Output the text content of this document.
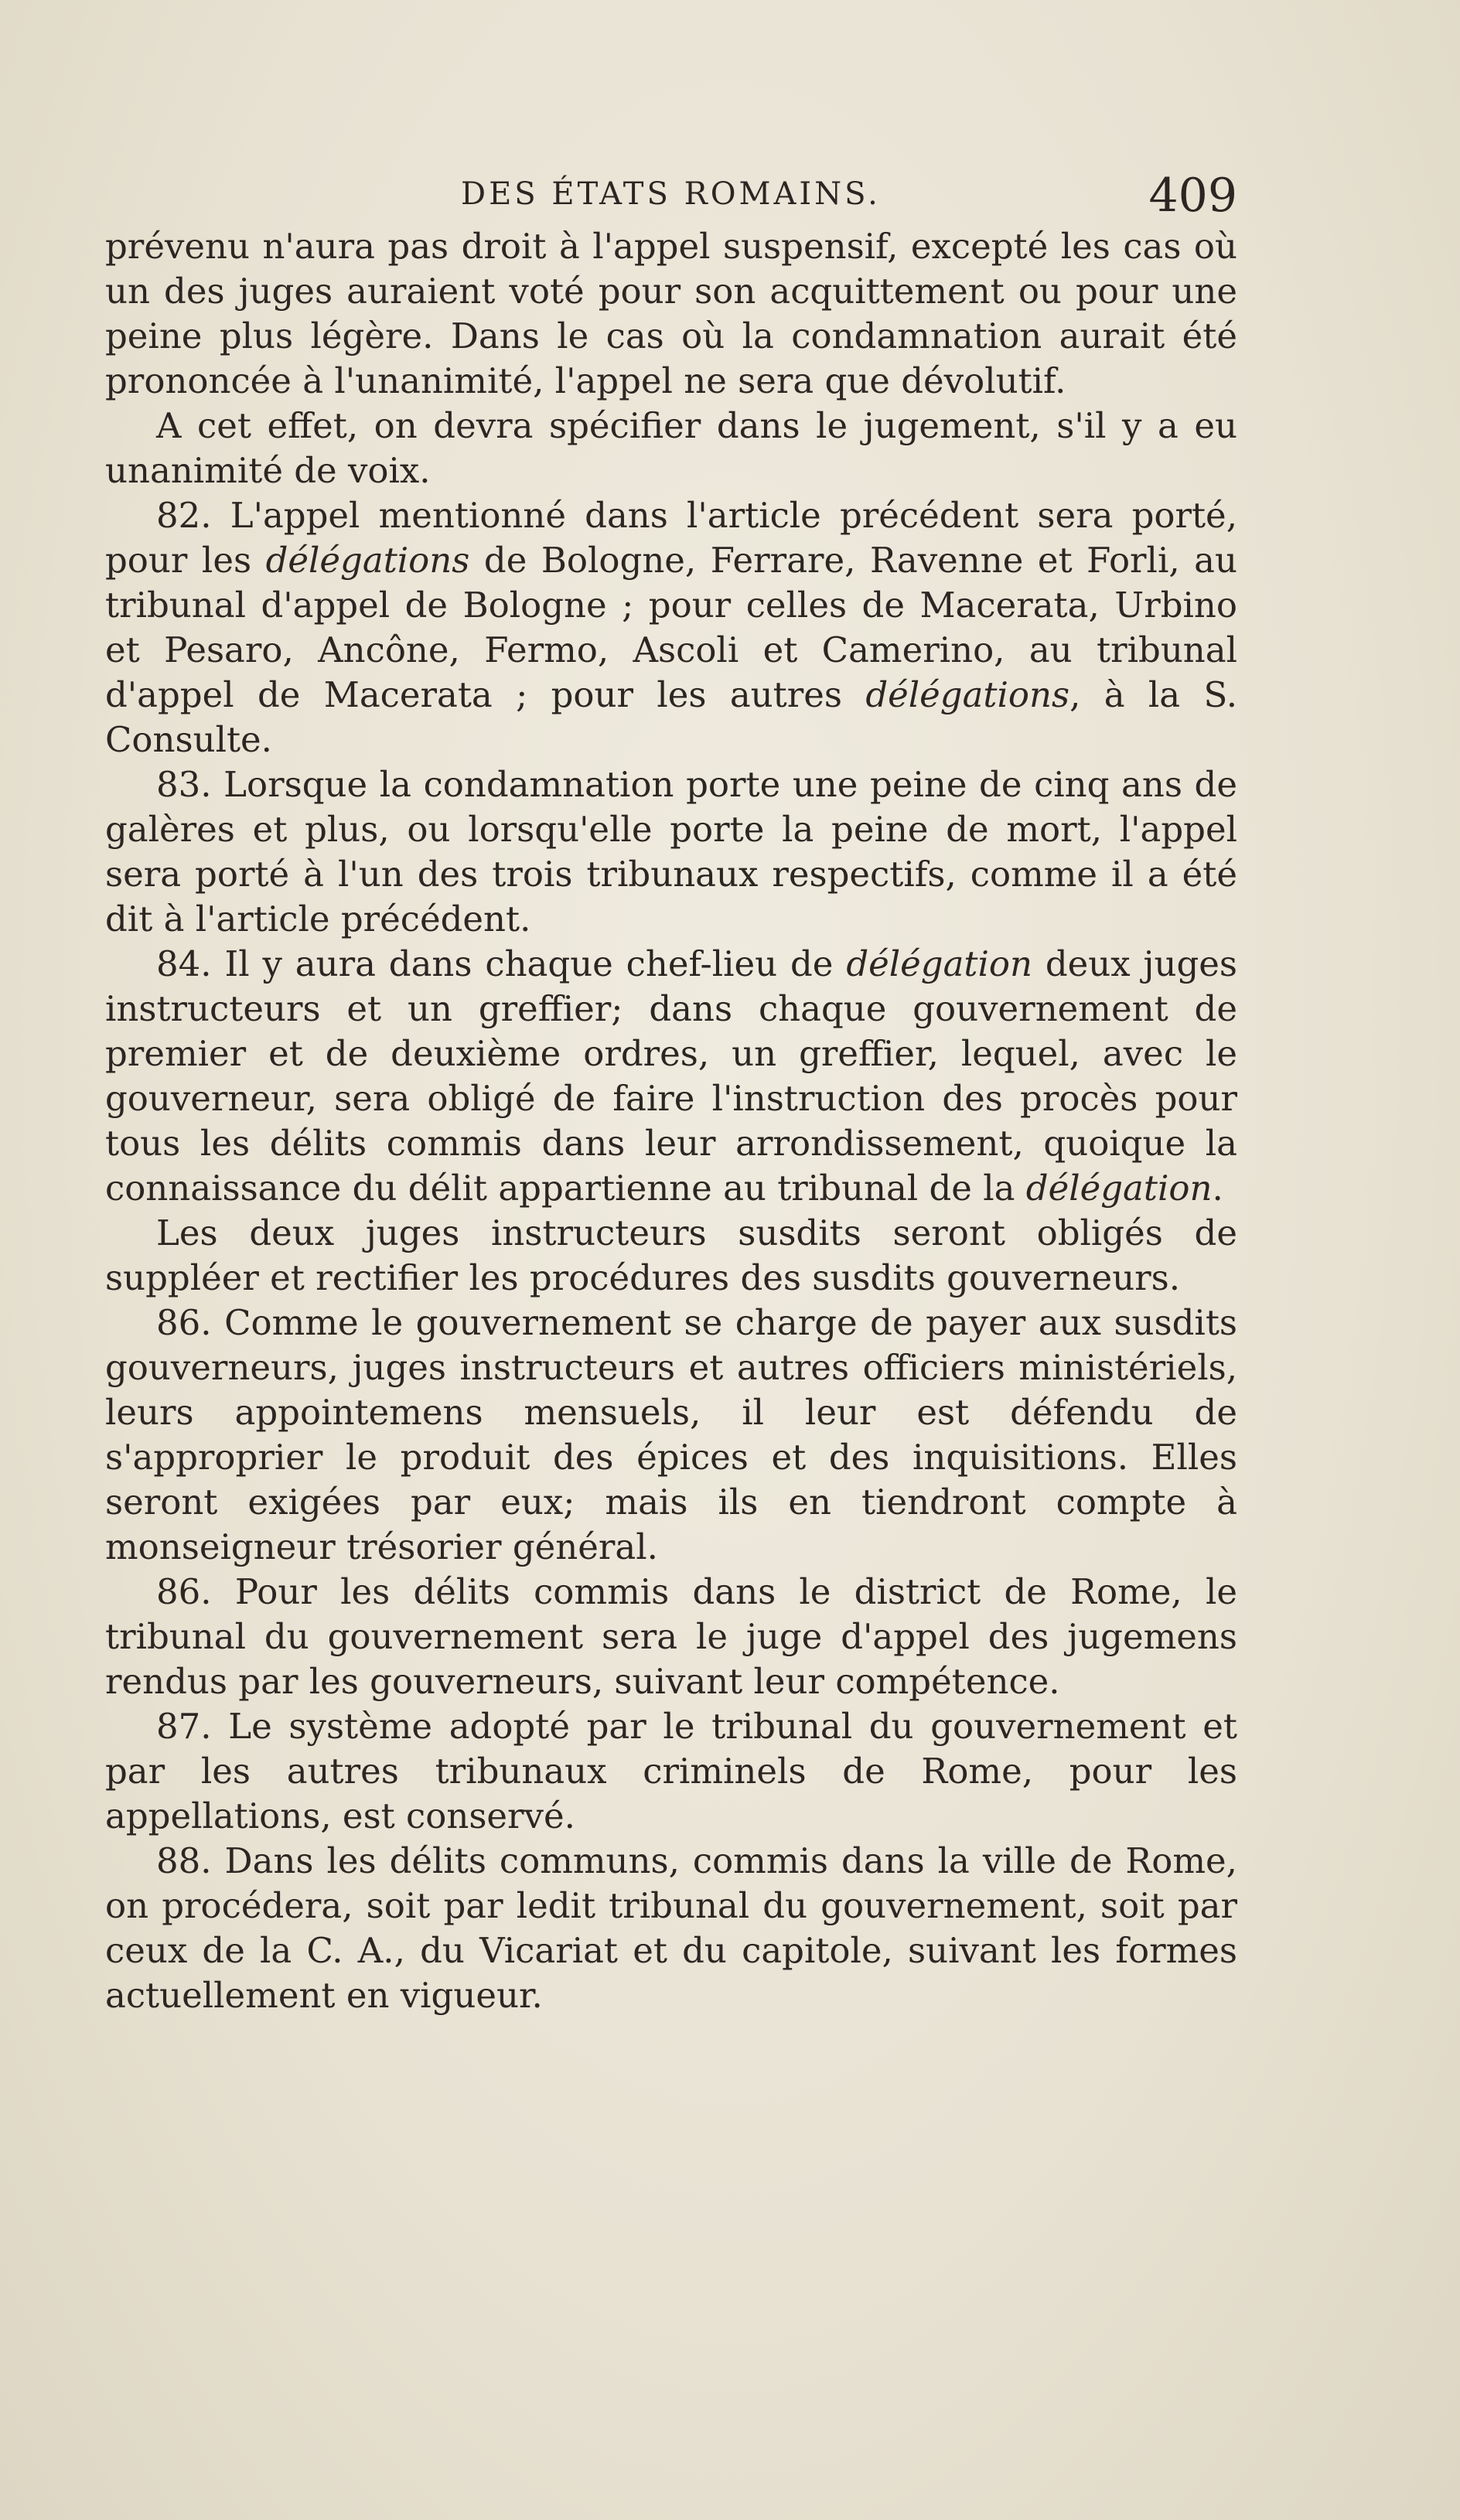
DES ÉTATS ROMAINS.	409

prévenu n'aura pas droit à l'appel suspensif, excepté les cas où un des juges auraient voté pour son acquittement ou pour une peine plus légère. Dans le cas où la condamnation aurait été prononcée à l'unanimité, l'appel ne sera que dévolutif.

A cet effet, on devra spécifier dans le jugement, s'il y a eu unanimité de voix.

82. L'appel mentionné dans l'article précédent sera porté, pour les délégations de Bologne, Ferrare, Ravenne et Forli, au tribunal d'appel de Bologne ; pour celles de Macerata, Urbino et Pesaro, Ancône, Fermo, Ascoli et Camerino, au tribunal d'appel de Macerata ; pour les autres délégations, à la S. Consulte.

83. Lorsque la condamnation porte une peine de cinq ans de galères et plus, ou lorsqu'elle porte la peine de mort, l'appel sera porté à l'un des trois tribunaux respectifs, comme il a été dit à l'article précédent.

84. Il y aura dans chaque chef-lieu de délégation deux juges instructeurs et un greffier; dans chaque gouvernement de premier et de deuxième ordres, un greffier, lequel, avec le gouverneur, sera obligé de faire l'instruction des procès pour tous les délits commis dans leur arrondissement, quoique la connaissance du délit appartienne au tribunal de la délégation.

Les deux juges instructeurs susdits seront obligés de suppléer et rectifier les procédures des susdits gouverneurs.

86. Comme le gouvernement se charge de payer aux susdits gouverneurs, juges instructeurs et autres officiers ministériels, leurs appointemens mensuels, il leur est défendu de s'approprier le produit des épices et des inquisitions. Elles seront exigées par eux; mais ils en tiendront compte à monseigneur trésorier général.

86. Pour les délits commis dans le district de Rome, le tribunal du gouvernement sera le juge d'appel des jugemens rendus par les gouverneurs, suivant leur compétence.

87. Le système adopté par le tribunal du gouvernement et par les autres tribunaux criminels de Rome, pour les appellations, est conservé.

88. Dans les délits communs, commis dans la ville de Rome, on procédera, soit par ledit tribunal du gouvernement, soit par ceux de la C. A., du Vicariat et du capitole, suivant les formes actuellement en vigueur.
